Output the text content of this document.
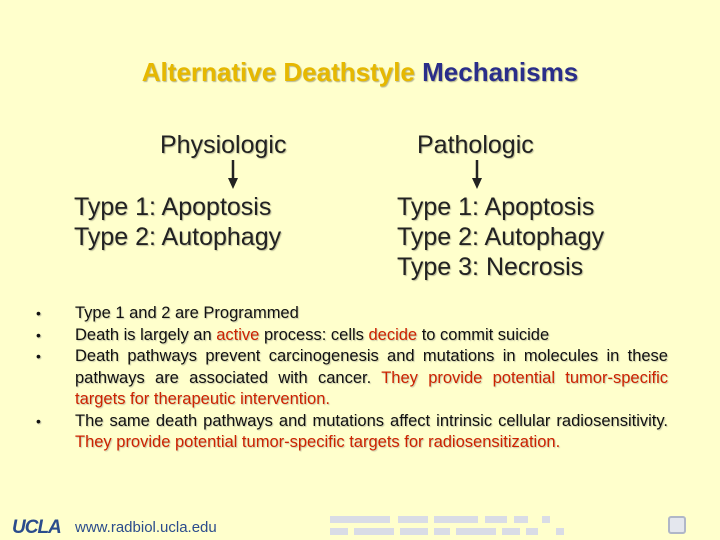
Alternative Deathstyle Mechanisms
Physiologic
Type 1: Apoptosis
Type 2: Autophagy
Pathologic
Type 1: Apoptosis
Type 2: Autophagy
Type 3: Necrosis
•	Type 1 and 2 are Programmed
•	Death is largely an active process: cells decide to commit suicide
•	Death pathways prevent carcinogenesis and mutations in molecules in these pathways are associated with cancer. They provide potential tumor-specific targets for therapeutic intervention.
•	The same death pathways and mutations affect intrinsic cellular radiosensitivity. They provide potential tumor-specific targets for radiosensitization.
UCLA www.radbiol.ucla.edu
